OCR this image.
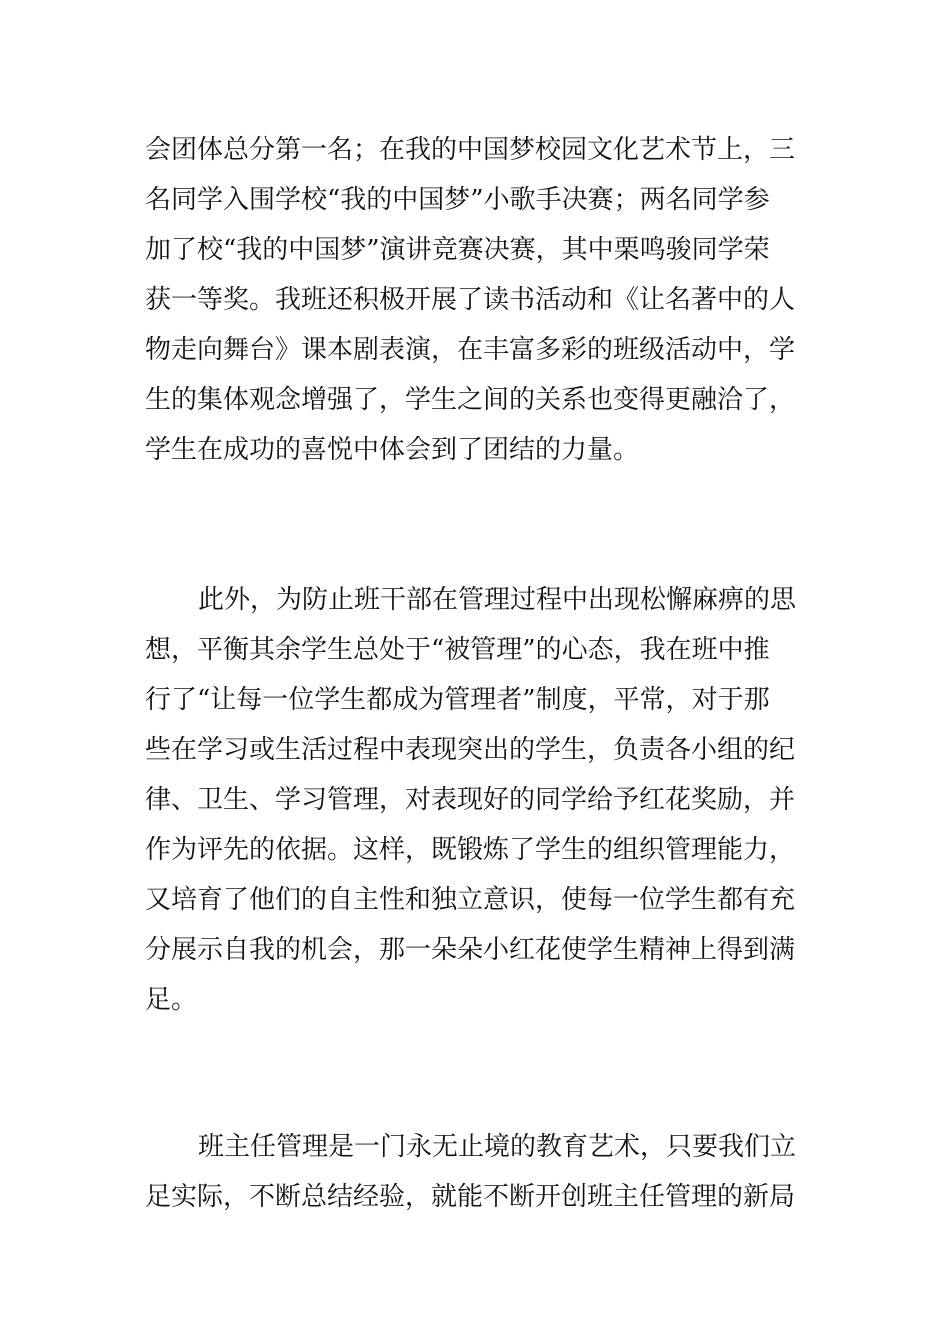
会团体总分第一名；在我的中国梦校园文化艺术节上，三
名同学入围学校“我的中国梦”小歌手决赛；两名同学参
加了校“我的中国梦”演讲竞赛决赛，其中栗鸣骏同学荣
获一等奖。我班还积极开展了读书活动和《让名著中的人
物走向舞台》课本剧表演，在丰富多彩的班级活动中，学
生的集体观念增强了，学生之间的关系也变得更融洽了，
学生在成功的喜悦中体会到了团结的力量。
此外，为防止班干部在管理过程中出现松懈麻痹的思
想，平衡其余学生总处于“被管理”的心态，我在班中推
行了“让每一位学生都成为管理者”制度，平常，对于那
些在学习或生活过程中表现突出的学生，负责各小组的纪
律、卫生、学习管理，对表现好的同学给予红花奖励，并
作为评先的依据。这样，既锻炼了学生的组织管理能力，
又培育了他们的自主性和独立意识，使每一位学生都有充
分展示自我的机会，那一朵朵小红花使学生精神上得到满
足。
班主任管理是一门永无止境的教育艺术，只要我们立
足实际，不断总结经验，就能不断开创班主任管理的新局
